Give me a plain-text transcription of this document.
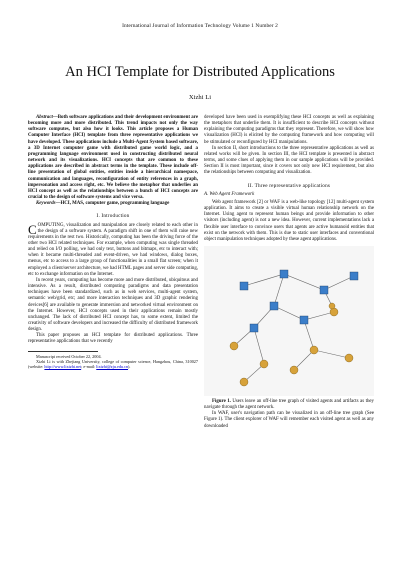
International Journal of Information Technology Volume 1 Number 2
An HCI Template for Distributed Applications
Xizhi Li

Abstract—Both software applications and their development environment are becoming more and more distributed. This trend impacts not only the way software computes, but also how it looks. This article proposes a Human Computer Interface (HCI) template from three representative applications we have developed. These applications include a Multi-Agent System based software, a 3D Internet computer game with distributed game world logic, and a programming language environment used in constructing distributed neural network and its visualizations. HCI concepts that are common to these applications are described in abstract terms in the template. These include off-line presentation of global entities, entities inside a hierarchical namespace, communication and languages, reconfiguration of entity references in a graph, impersonation and access right, etc. We believe the metaphor that underlies an HCI concept as well as the relationships between a bunch of HCI concepts are crucial to the design of software systems and vice versa.

Keywords—HCI, MAS, computer game, programming language

I. Introduction

COMPUTING, visualization and manipulation are closely related to each other in the design of a software system. A paradigm shift in one of them will raise new requirements in the rest two. Historically, computing has been the driving force of the other two HCI related techniques. For example, when computing was single threaded and relied on I/O polling, we had only text, buttons and bitmaps, etc to interact with; when it became multi-threaded and event-driven, we had windows, dialog boxes, menus, etc to access to a large group of functionalities in a small flat screen; when it employed a client/server architecture, we had HTML pages and server side computing, etc to exchange information on the Internet.

In recent years, computing has become more and more distributed, ubiquitous and intensive. As a result, distributed computing paradigms and data presentation techniques have been standardized, such as in web services, multi-agent system, semantic web/grid, etc; and more interaction techniques and 3D graphic rendering devices[6] are available to generate immersion and networked virtual environment on the Internet. However, HCI concepts used in their applications remain mostly unchanged. The lack of distributed HCI concept has, to some extent, limited the creativity of software developers and increased the difficulty of distributed framework design.

This paper proposes an HCI template for distributed applications. Three representative applications that we recently

Manuscript received October 22, 2004.

Xizhi Li is with Zhejiang University, college of computer science, Hangzhou, China, 310027 (website: http://www.lixizhi.net; e-mail: lixizhi@zju.edu.cn).

developed have been used in exemplifying these HCI concepts as well as explaining the metaphors that underlie them. It is insufficient to describe HCI concepts without explaining the computing paradigms that they represent. Therefore, we will show how visualization (HCI) is elicited by the computing framework and how computing will be stimulated or reconfigured by HCI manipulations.

In section II, short introductions to the three representative applications as well as related works will be given. In section III, the HCI template is presented in abstract terms, and some clues of applying them in our sample applications will be provided. Section II is most important, since it covers not only new HCI requirement, but also the relationships between computing and visualization.

II. Three representative applications
A. Web Agent Framework

Web agent framework [2] or WAF is a web-like topology [12] multi-agent system application. It aims to create a visible virtual human relationship network on the Internet. Using agent to represent human beings and provide information to other visitors (including agent) is not a new idea. However, current implementations lack a flexible user interface to convince users that agents are active humanoid entities that exist on the network with them. This is due to static user interfaces and conventional object manipulation techniques adopted by these agent applications.

Figure 1. Users leave an off-line tree graph of visited agents and artifacts as they navigate through the agent network.

In WAF, user's navigation path can be visualized in an off-line tree graph (See Figure 1). The client explorer of WAF will remember each visited agent as well as any downloaded
